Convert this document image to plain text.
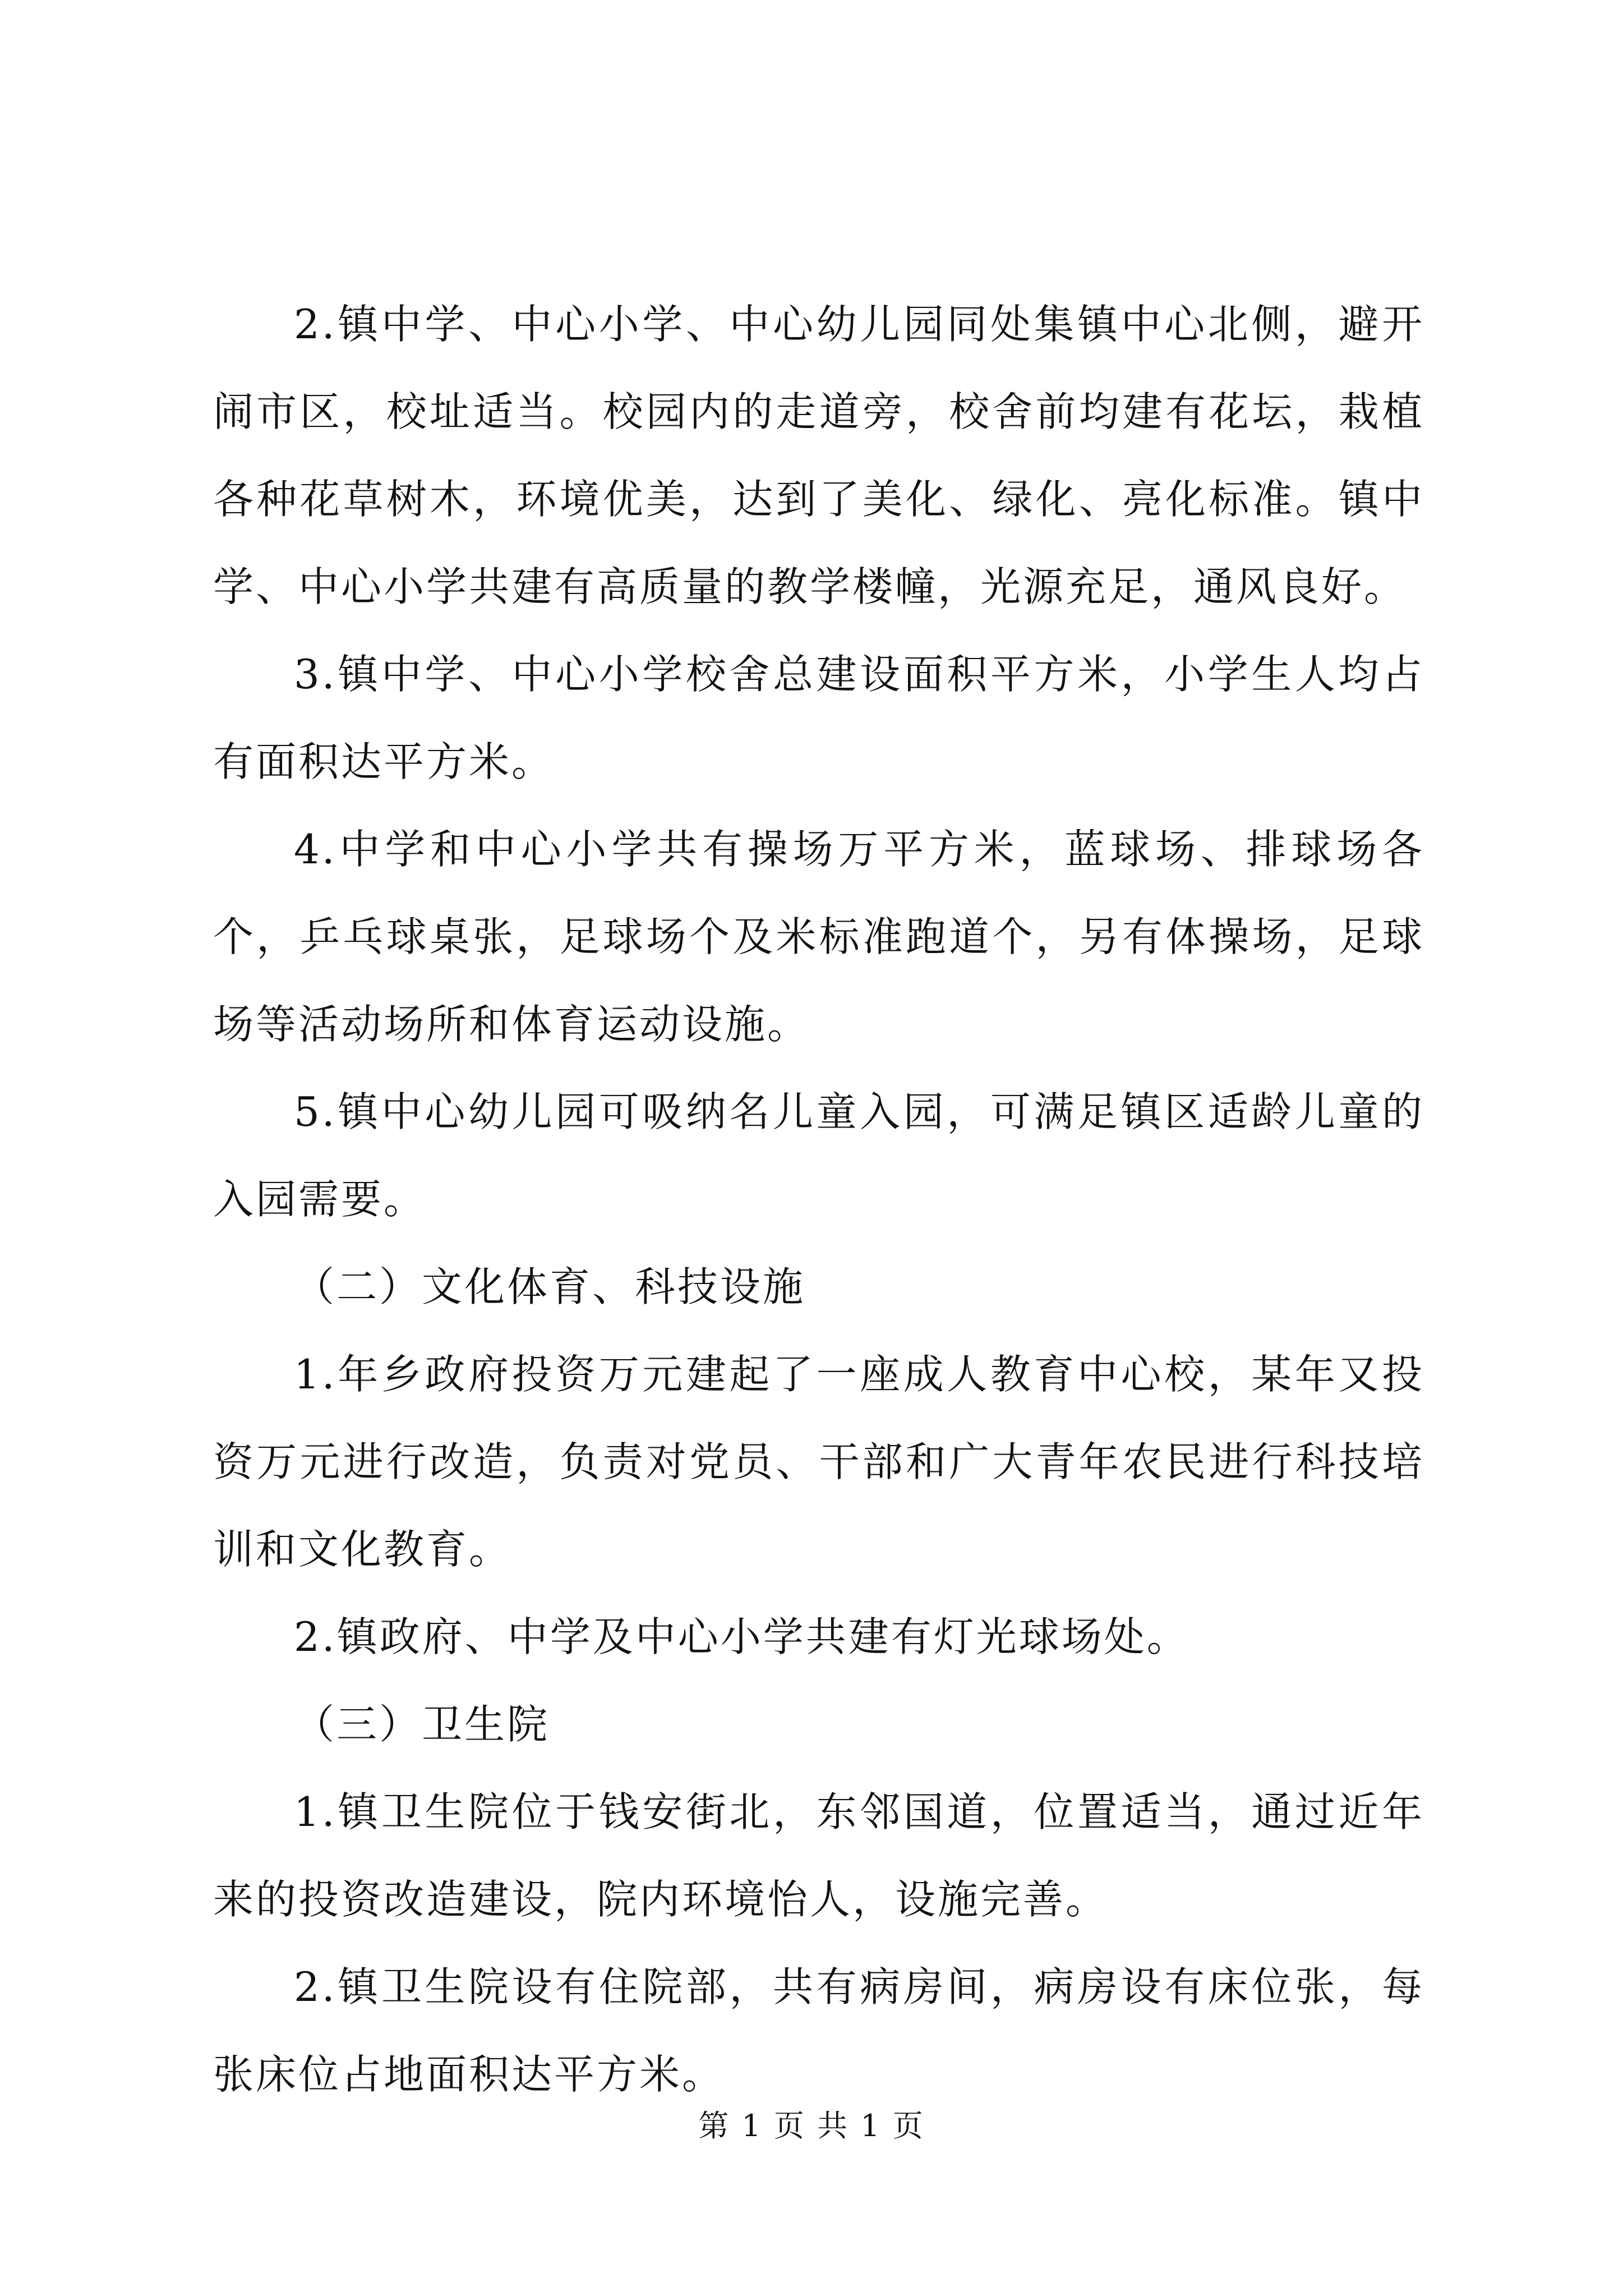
2.镇中学、中心小学、中心幼儿园同处集镇中心北侧，避开闹市区，校址适当。校园内的走道旁，校舍前均建有花坛，栽植各种花草树木，环境优美，达到了美化、绿化、亮化标准。镇中学、中心小学共建有高质量的教学楼幢，光源充足，通风良好。

3.镇中学、中心小学校舍总建设面积平方米，小学生人均占有面积达平方米。

4.中学和中心小学共有操场万平方米，蓝球场、排球场各个，乒乓球桌张，足球场个及米标准跑道个，另有体操场，足球场等活动场所和体育运动设施。

5.镇中心幼儿园可吸纳名儿童入园，可满足镇区适龄儿童的入园需要。

（二）文化体育、科技设施

1.年乡政府投资万元建起了一座成人教育中心校，某年又投资万元进行改造，负责对党员、干部和广大青年农民进行科技培训和文化教育。

2.镇政府、中学及中心小学共建有灯光球场处。

（三）卫生院

1.镇卫生院位于钱安街北，东邻国道，位置适当，通过近年来的投资改造建设，院内环境怡人，设施完善。

2.镇卫生院设有住院部，共有病房间，病房设有床位张，每张床位占地面积达平方米。

第 1 页 共 1 页
